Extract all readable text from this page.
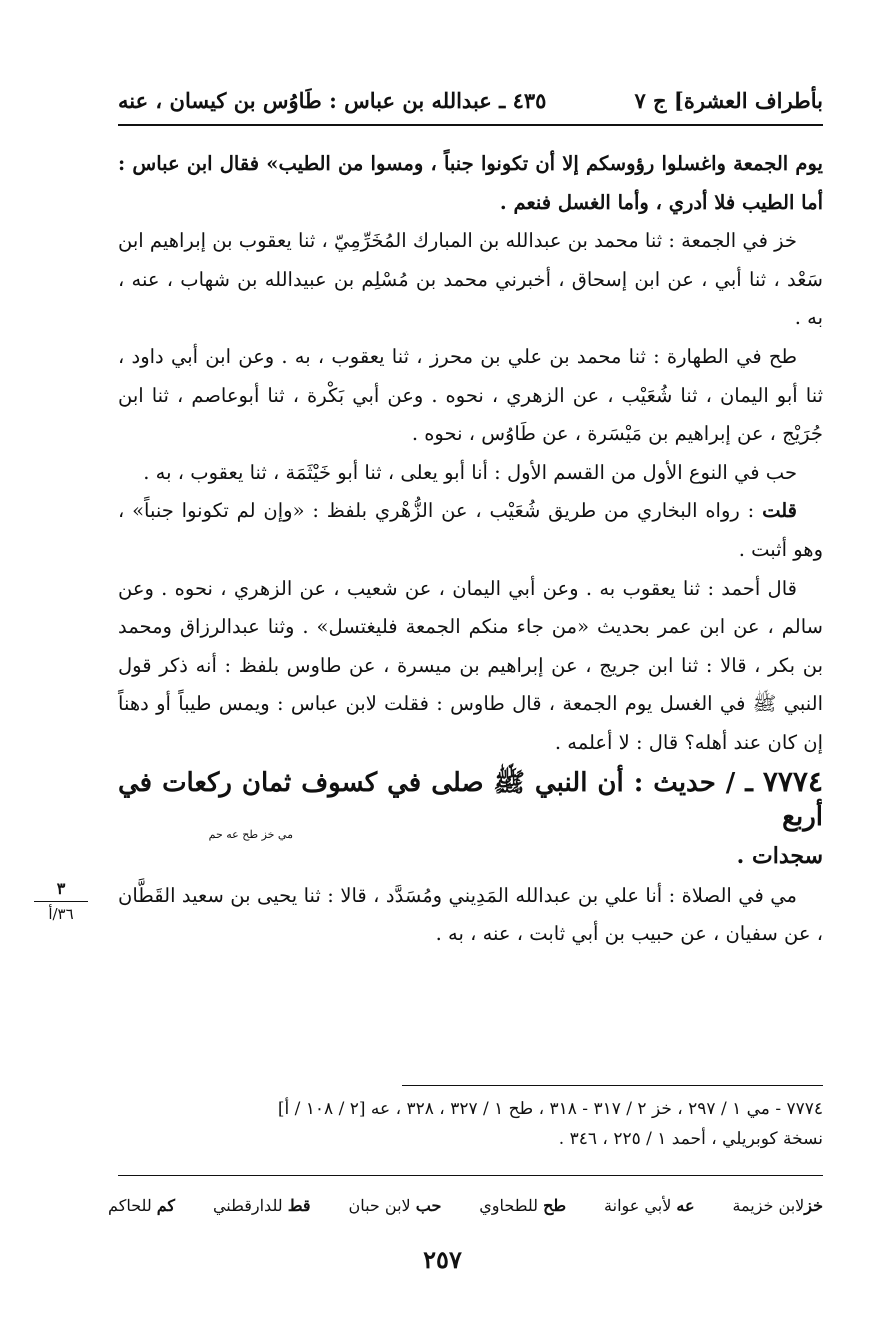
بأطراف العشرة] ج ٧
٤٣٥ ـ عبدالله بن عباس : طَاوُس بن كيسان ، عنه

يوم الجمعة واغسلوا رؤوسكم إلا أن تكونوا جنباً ، ومسوا من الطيب» فقال ابن عباس : أما الطيب فلا أدري ، وأما الغسل فنعم .

خز في الجمعة : ثنا محمد بن عبدالله بن المبارك المُخَرِّمِيّ ، ثنا يعقوب بن إبراهيم ابن سَعْد ، ثنا أبي ، عن ابن إسحاق ، أخبرني محمد بن مُسْلِم بن عبيدالله بن شهاب ، عنه ، به .

طح في الطهارة : ثنا محمد بن علي بن محرز ، ثنا يعقوب ، به . وعن ابن أبي داود ، ثنا أبو اليمان ، ثنا شُعَيْب ، عن الزهري ، نحوه . وعن أبي بَكْرة ، ثنا أبوعاصم ، ثنا ابن جُرَيْج ، عن إبراهيم بن مَيْسَرة ، عن طَاوُس ، نحوه .

حب في النوع الأول من القسم الأول : أنا أبو يعلى ، ثنا أبو خَيْثَمَة ، ثنا يعقوب ، به .

قلت : رواه البخاري من طريق شُعَيْب ، عن الزُّهْري بلفظ : «وإن لم تكونوا جنباً» ، وهو أثبت .

قال أحمد : ثنا يعقوب به . وعن أبي اليمان ، عن شعيب ، عن الزهري ، نحوه . وعن سالم ، عن ابن عمر بحديث «من جاء منكم الجمعة فليغتسل» . وثنا عبدالرزاق ومحمد بن بكر ، قالا : ثنا ابن جريج ، عن إبراهيم بن ميسرة ، عن طاوس بلفظ : أنه ذكر قول النبي ﷺ في الغسل يوم الجمعة ، قال طاوس : فقلت لابن عباس : ويمس طيباً أو دهناً إن كان عند أهله؟ قال : لا أعلمه .

٧٧٧٤ ـ / حديث : أن النبي ﷺ صلى في كسوف ثمان ركعات في أربع
مي خز طح عه حم
سجدات .

مي في الصلاة : أنا علي بن عبدالله المَدِيني ومُسَدَّد ، قالا : ثنا يحيى بن سعيد القَطَّان ، عن سفيان ، عن حبيب بن أبي ثابت ، عنه ، به .

٣
٣٦/أ
٧٧٧٤ - مي ١ / ٢٩٧ ، خز ٢ / ٣١٧ - ٣١٨ ، طح ١ / ٣٢٧ ، ٣٢٨ ، عه [٢ / ١٠٨ / أ]
نسخة كوبريلي ، أحمد ١ / ٢٢٥ ، ٣٤٦ .
خزلابن خزيمة
عه لأبي عوانة
طح للطحاوي
حب لابن حبان
قط للدارقطني
كم للحاكم
٢٥٧
